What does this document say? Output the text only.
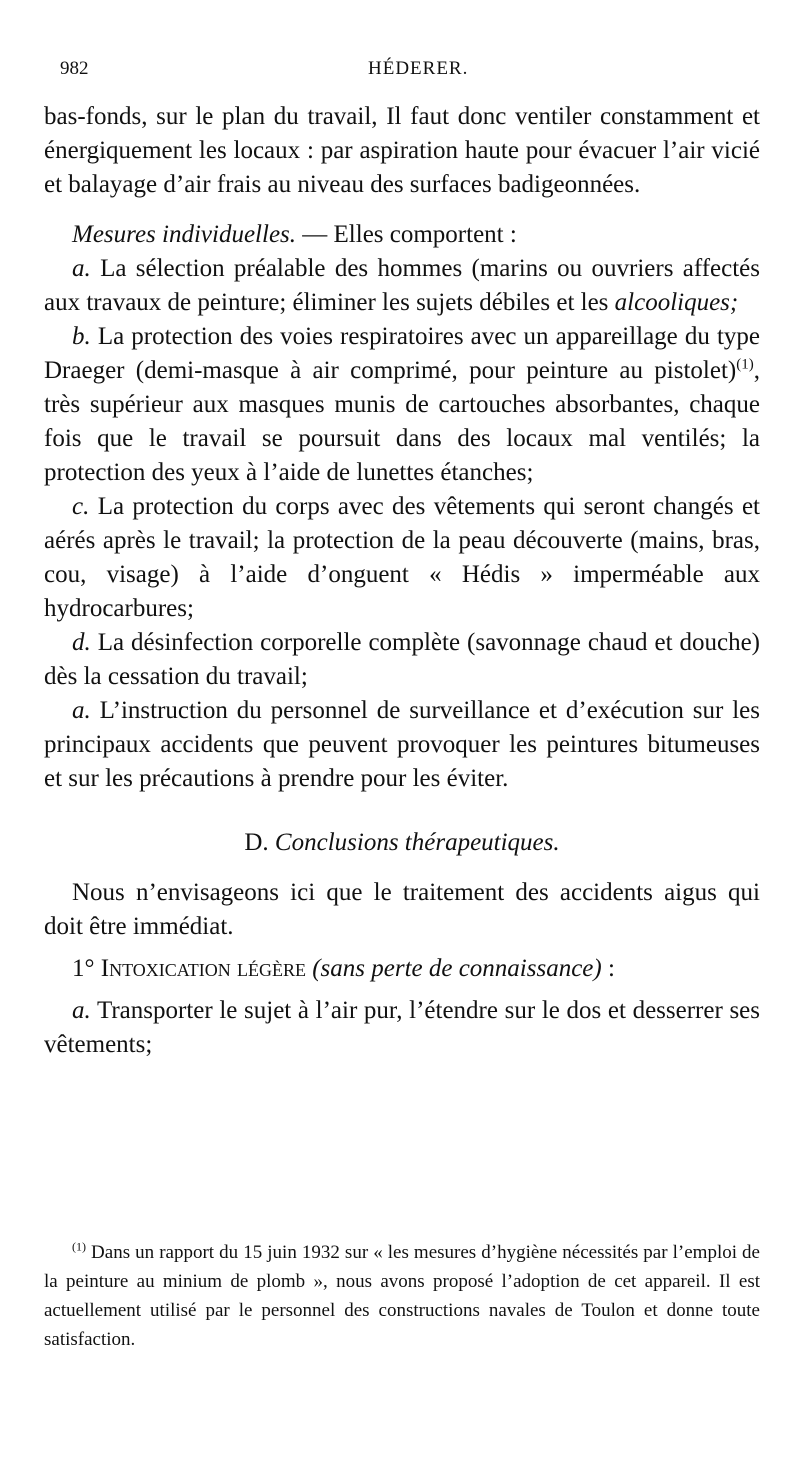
982	HÉDERER.

bas-fonds, sur le plan du travail, Il faut donc ventiler constamment et énergiquement les locaux : par aspiration haute pour évacuer l’air vicié et balayage d’air frais au niveau des surfaces badigeonnées.

Mesures individuelles. — Elles comportent :

a. La sélection préalable des hommes (marins ou ouvriers affectés aux travaux de peinture; éliminer les sujets débiles et les alcooliques;

b. La protection des voies respiratoires avec un appareillage du type Draeger (demi-masque à air comprimé, pour peinture au pistolet)$^{(1)}$, très supérieur aux masques munis de cartouches absorbantes, chaque fois que le travail se poursuit dans des locaux mal ventilés; la protection des yeux à l’aide de lunettes étanches;

c. La protection du corps avec des vêtements qui seront changés et aérés après le travail; la protection de la peau découverte (mains, bras, cou, visage) à l’aide d’onguent « Hédis » imperméable aux hydrocarbures;

d. La désinfection corporelle complète (savonnage chaud et douche) dès la cessation du travail;

a. L’instruction du personnel de surveillance et d’exécution sur les principaux accidents que peuvent provoquer les peintures bitumeuses et sur les précautions à prendre pour les éviter.

D. Conclusions thérapeutiques.

Nous n’envisageons ici que le traitement des accidents aigus qui doit être immédiat.

1° Intoxication légère (sans perte de connaissance) :

a. Transporter le sujet à l’air pur, l’étendre sur le dos et desserrer ses vêtements;

$^{(1)}$ Dans un rapport du 15 juin 1932 sur « les mesures d’hygiène nécessités par l’emploi de la peinture au minium de plomb », nous avons proposé l’adoption de cet appareil. Il est actuellement utilisé par le personnel des constructions navales de Toulon et donne toute satisfaction.
